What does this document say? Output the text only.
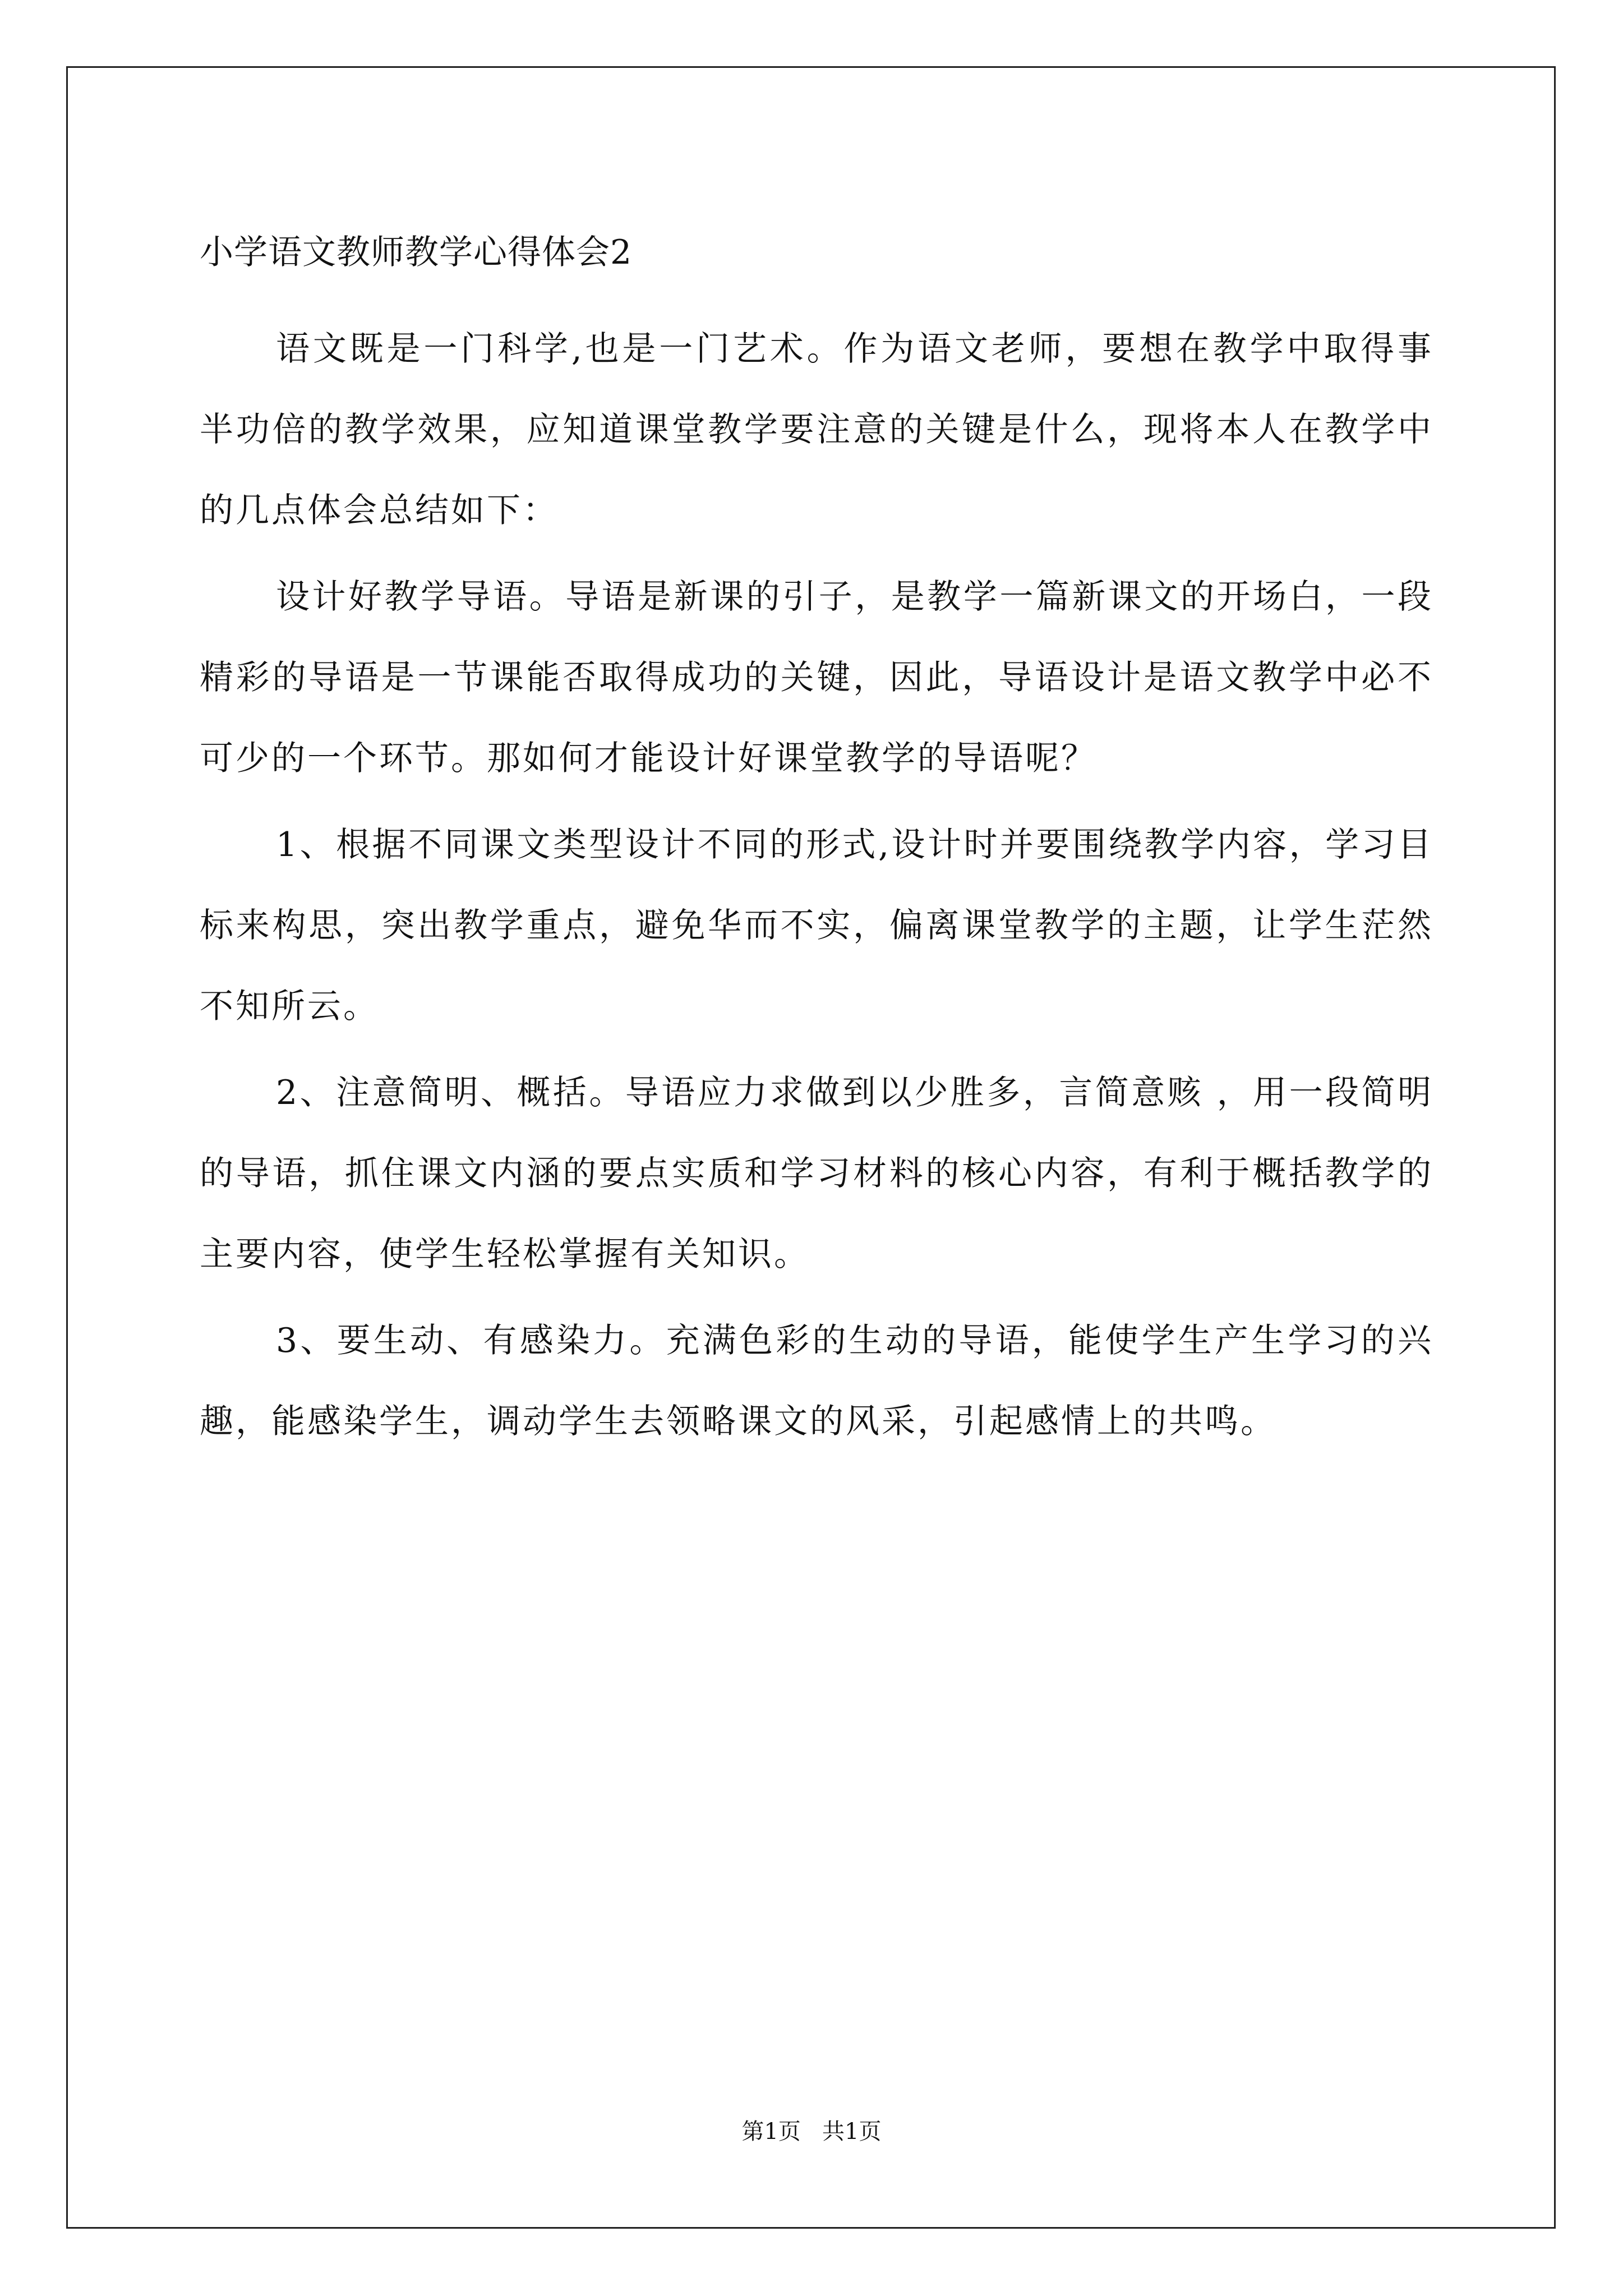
小学语文教师教学心得体会2

语文既是一门科学,也是一门艺术。作为语文老师，要想在教学中取得事半功倍的教学效果，应知道课堂教学要注意的关键是什么，现将本人在教学中的几点体会总结如下：

设计好教学导语。导语是新课的引子，是教学一篇新课文的开场白，一段精彩的导语是一节课能否取得成功的关键，因此，导语设计是语文教学中必不可少的一个环节。那如何才能设计好课堂教学的导语呢？

1、根据不同课文类型设计不同的形式,设计时并要围绕教学内容，学习目标来构思，突出教学重点，避免华而不实，偏离课堂教学的主题，让学生茫然不知所云。

2、注意简明、概括。导语应力求做到以少胜多，言简意赅 ，用一段简明的导语，抓住课文内涵的要点实质和学习材料的核心内容，有利于概括教学的主要内容，使学生轻松掌握有关知识。

3、要生动、有感染力。充满色彩的生动的导语，能使学生产生学习的兴趣，能感染学生，调动学生去领略课文的风采，引起感情上的共鸣。

第1页   共1页
